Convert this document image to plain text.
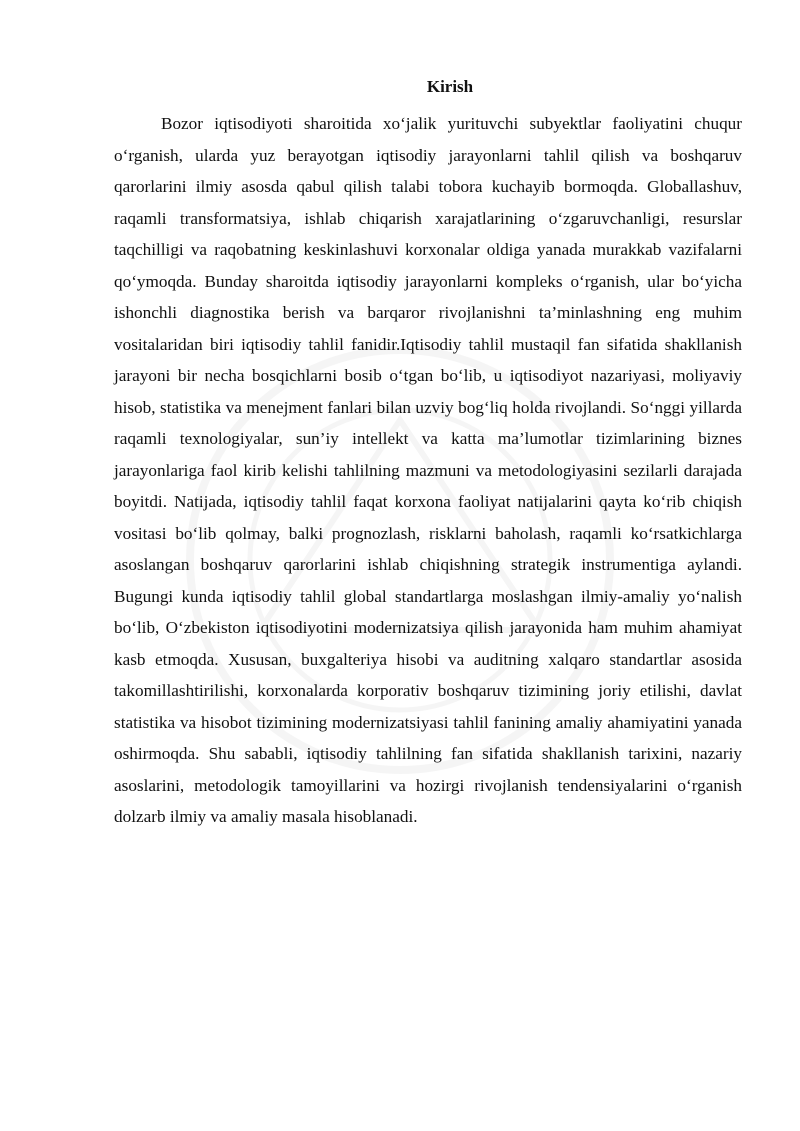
Kirish

Bozor iqtisodiyoti sharoitida xo‘jalik yurituvchi subyektlar faoliyatini chuqur o‘rganish, ularda yuz berayotgan iqtisodiy jarayonlarni tahlil qilish va boshqaruv qarorlarini ilmiy asosda qabul qilish talabi tobora kuchayib bormoqda. Globallashuv, raqamli transformatsiya, ishlab chiqarish xarajatlarining o‘zgaruvchanligi, resurslar taqchilligi va raqobatning keskinlashuvi korxonalar oldiga yanada murakkab vazifalarni qo‘ymoqda. Bunday sharoitda iqtisodiy jarayonlarni kompleks o‘rganish, ular bo‘yicha ishonchli diagnostika berish va barqaror rivojlanishni ta’minlashning eng muhim vositalaridan biri iqtisodiy tahlil fanidir.Iqtisodiy tahlil mustaqil fan sifatida shakllanish jarayoni bir necha bosqichlarni bosib o‘tgan bo‘lib, u iqtisodiyot nazariyasi, moliyaviy hisob, statistika va menejment fanlari bilan uzviy bog‘liq holda rivojlandi. So‘nggi yillarda raqamli texnologiyalar, sun’iy intellekt va katta ma’lumotlar tizimlarining biznes jarayonlariga faol kirib kelishi tahlilning mazmuni va metodologiyasini sezilarli darajada boyitdi. Natijada, iqtisodiy tahlil faqat korxona faoliyat natijalarini qayta ko‘rib chiqish vositasi bo‘lib qolmay, balki prognozlash, risklarni baholash, raqamli ko‘rsatkichlarga asoslangan boshqaruv qarorlarini ishlab chiqishning strategik instrumentiga aylandi. Bugungi kunda iqtisodiy tahlil global standartlarga moslashgan ilmiy-amaliy yo‘nalish bo‘lib, O‘zbekiston iqtisodiyotini modernizatsiya qilish jarayonida ham muhim ahamiyat kasb etmoqda. Xususan, buxgalteriya hisobi va auditning xalqaro standartlar asosida takomillashtirilishi, korxonalarda korporativ boshqaruv tizimining joriy etilishi, davlat statistika va hisobot tizimining modernizatsiyasi tahlil fanining amaliy ahamiyatini yanada oshirmoqda. Shu sababli, iqtisodiy tahlilning fan sifatida shakllanish tarixini, nazariy asoslarini, metodologik tamoyillarini va hozirgi rivojlanish tendensiyalarini o‘rganish dolzarb ilmiy va amaliy masala hisoblanadi.
